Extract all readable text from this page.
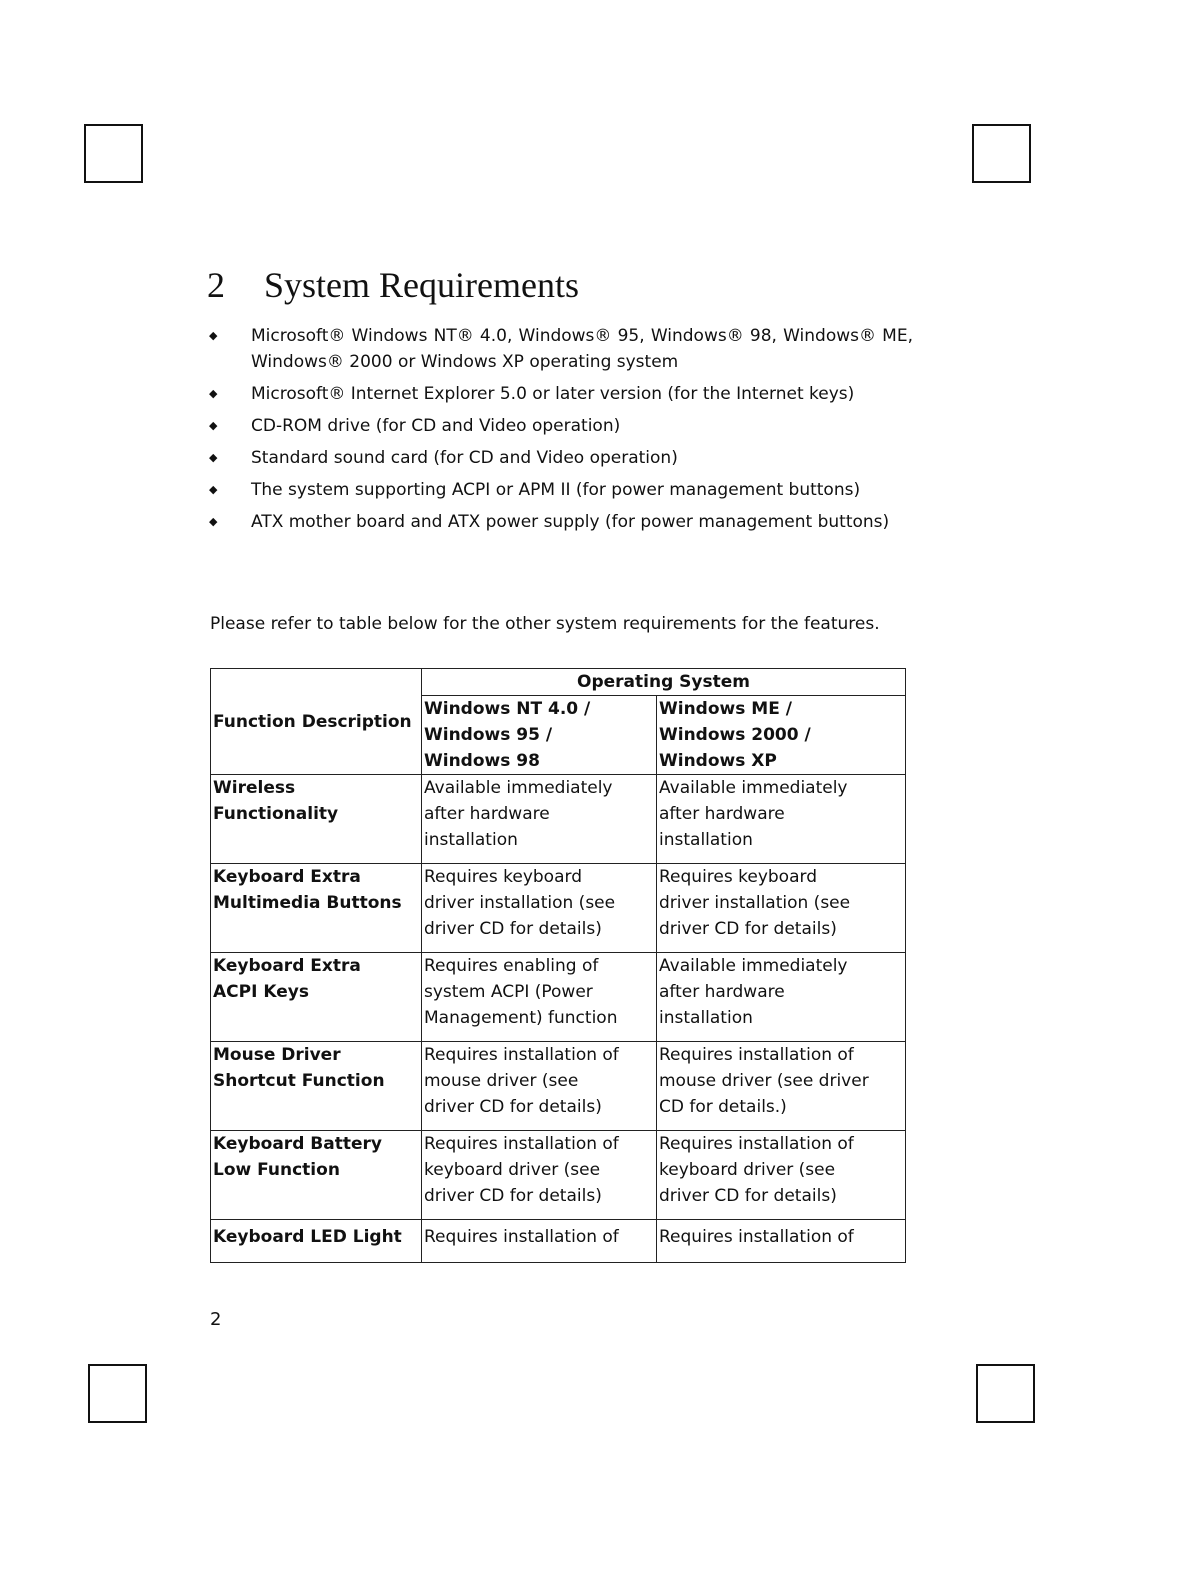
2 System Requirements
◆ Microsoft® Windows NT® 4.0, Windows® 95, Windows® 98, Windows® ME, Windows® 2000 or Windows XP operating system
◆ Microsoft® Internet Explorer 5.0 or later version (for the Internet keys)
◆ CD-ROM drive (for CD and Video operation)
◆ Standard sound card (for CD and Video operation)
◆ The system supporting ACPI or APM II (for power management buttons)
◆ ATX mother board and ATX power supply (for power management buttons)
Please refer to table below for the other system requirements for the features.
Function Description	Operating System	
	Windows NT 4.0 /
Windows 95 /
Windows 98	Windows ME /
Windows 2000 /
Windows XP
Wireless
Functionality	Available immediately
after hardware
installation	Available immediately
after hardware
installation
Keyboard Extra
Multimedia Buttons	Requires keyboard
driver installation (see
driver CD for details)	Requires keyboard
driver installation (see
driver CD for details)
Keyboard Extra
ACPI Keys	Requires enabling of
system ACPI (Power
Management) function	Available immediately
after hardware
installation
Mouse Driver
Shortcut Function	Requires installation of
mouse driver (see
driver CD for details)	Requires installation of
mouse driver (see driver
CD for details.)
Keyboard Battery
Low Function	Requires installation of
keyboard driver (see
driver CD for details)	Requires installation of
keyboard driver (see
driver CD for details)
Keyboard LED Light	Requires installation of	Requires installation of
2
